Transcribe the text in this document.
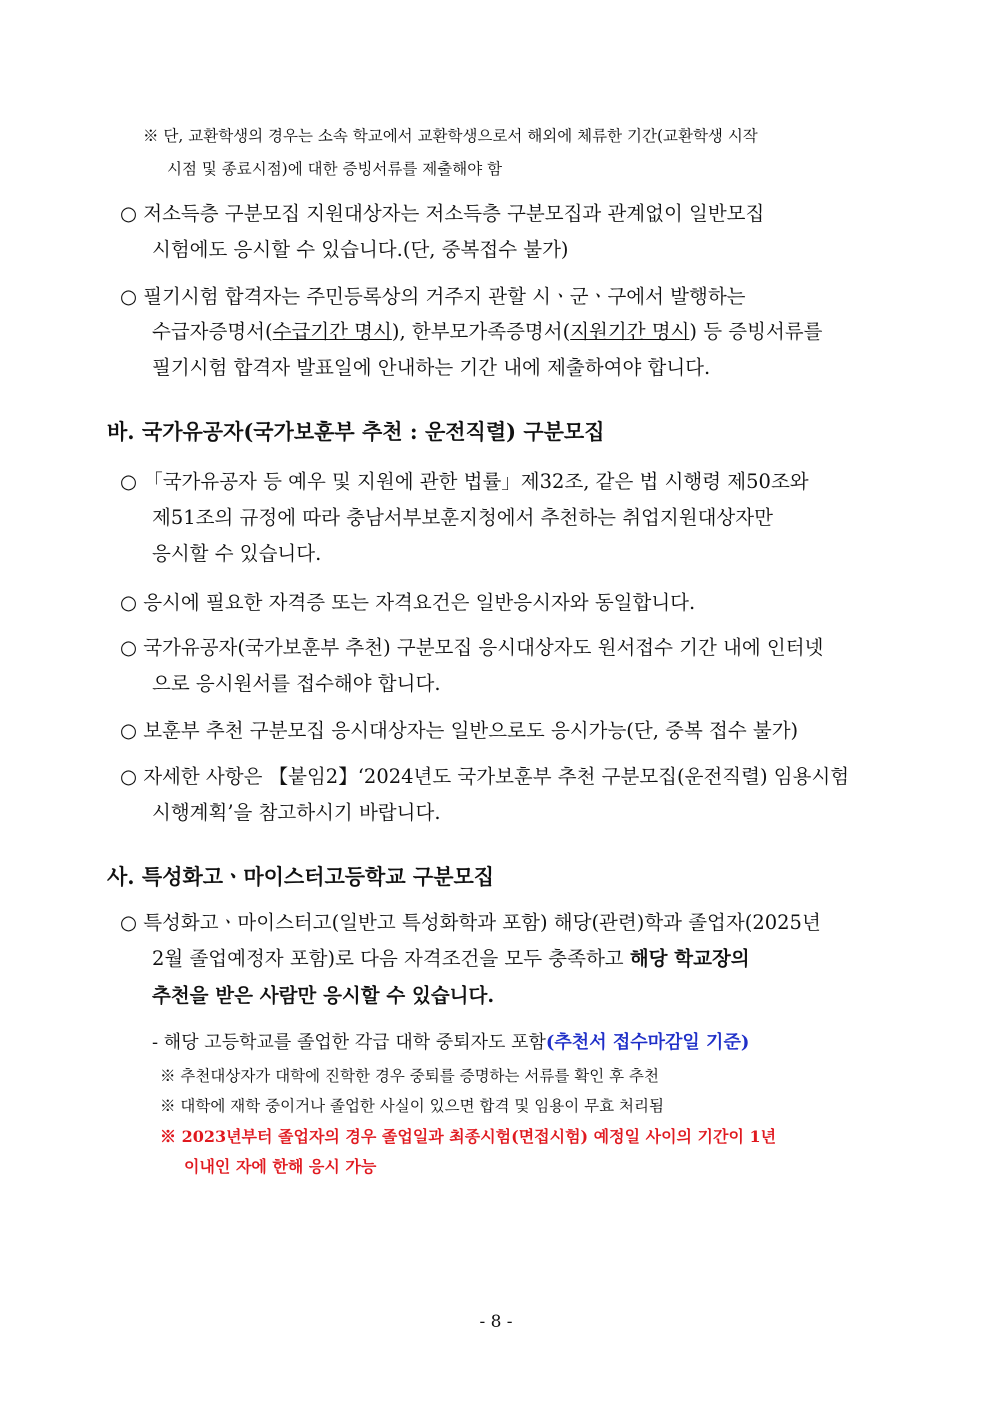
※ 단, 교환학생의 경우는 소속 학교에서 교환학생으로서 해외에 체류한 기간(교환학생 시작
시점 및 종료시점)에 대한 증빙서류를 제출해야 함
○ 저소득층 구분모집 지원대상자는 저소득층 구분모집과 관계없이 일반모집
시험에도 응시할 수 있습니다.(단, 중복접수 불가)
○ 필기시험 합격자는 주민등록상의 거주지 관할 시ㆍ군ㆍ구에서 발행하는
수급자증명서(수급기간 명시), 한부모가족증명서(지원기간 명시) 등 증빙서류를
필기시험 합격자 발표일에 안내하는 기간 내에 제출하여야 합니다.
바. 국가유공자(국가보훈부 추천 : 운전직렬) 구분모집
○ 「국가유공자 등 예우 및 지원에 관한 법률」제32조, 같은 법 시행령 제50조와
제51조의 규정에 따라 충남서부보훈지청에서 추천하는 취업지원대상자만
응시할 수 있습니다.
○ 응시에 필요한 자격증 또는 자격요건은 일반응시자와 동일합니다.
○ 국가유공자(국가보훈부 추천) 구분모집 응시대상자도 원서접수 기간 내에 인터넷
으로 응시원서를 접수해야 합니다.
○ 보훈부 추천 구분모집 응시대상자는 일반으로도 응시가능(단, 중복 접수 불가)
○ 자세한 사항은 【붙임2】‘2024년도 국가보훈부 추천 구분모집(운전직렬) 임용시험
시행계획’을 참고하시기 바랍니다.
사. 특성화고ㆍ마이스터고등학교 구분모집
○ 특성화고ㆍ마이스터고(일반고 특성화학과 포함) 해당(관련)학과 졸업자(2025년
2월 졸업예정자 포함)로 다음 자격조건을 모두 충족하고 해당 학교장의
추천을 받은 사람만 응시할 수 있습니다.
- 해당 고등학교를 졸업한 각급 대학 중퇴자도 포함(추천서 접수마감일 기준)
※ 추천대상자가 대학에 진학한 경우 중퇴를 증명하는 서류를 확인 후 추천
※ 대학에 재학 중이거나 졸업한 사실이 있으면 합격 및 임용이 무효 처리됨
※ 2023년부터 졸업자의 경우 졸업일과 최종시험(면접시험) 예정일 사이의 기간이 1년
이내인 자에 한해 응시 가능
- 8 -
